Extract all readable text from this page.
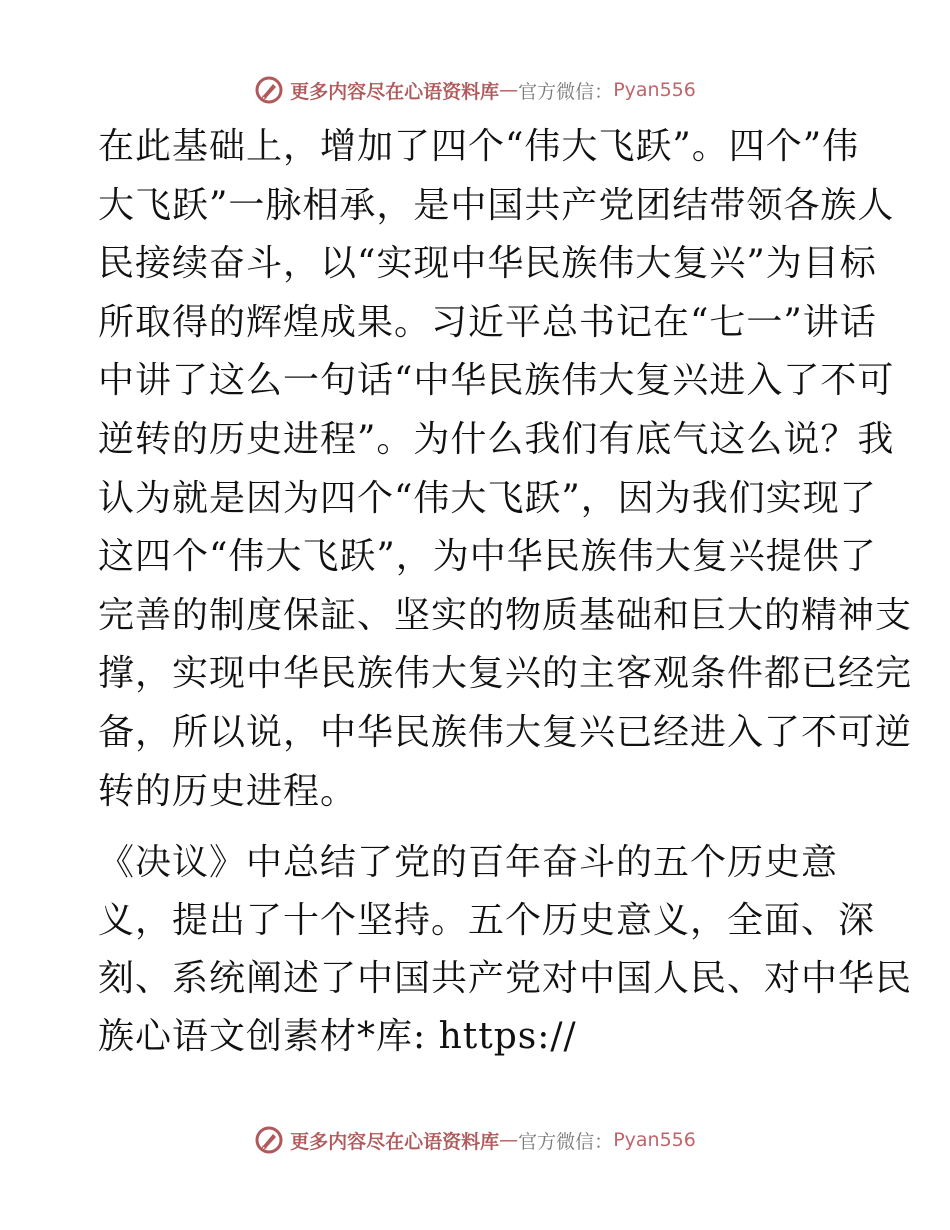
更多内容尽在心语资料库 — 官方微信： Pyan556
在此基础上，增加了四个“伟大飞跃”。四个”伟
大飞跃”一脉相承，是中国共产党团结带领各族人
民接续奋斗，以“实现中华民族伟大复兴”为目标
所取得的辉煌成果。习近平总书记在“七一”讲话
中讲了这么一句话“中华民族伟大复兴进入了不可
逆转的历史进程”。为什么我们有底气这么说？我
认为就是因为四个“伟大飞跃”，因为我们实现了
这四个“伟大飞跃”，为中华民族伟大复兴提供了
完善的制度保証、坚实的物质基础和巨大的精神支
撑，实现中华民族伟大复兴的主客观条件都已经完
备，所以说，中华民族伟大复兴已经进入了不可逆
转的历史进程。
《决议》中总结了党的百年奋斗的五个历史意
义，提出了十个坚持。五个历史意义，全面、深
刻、系统阐述了中国共产党对中国人民、对中华民
族心语文创素材*库: https://
更多内容尽在心语资料库 — 官方微信： Pyan556
